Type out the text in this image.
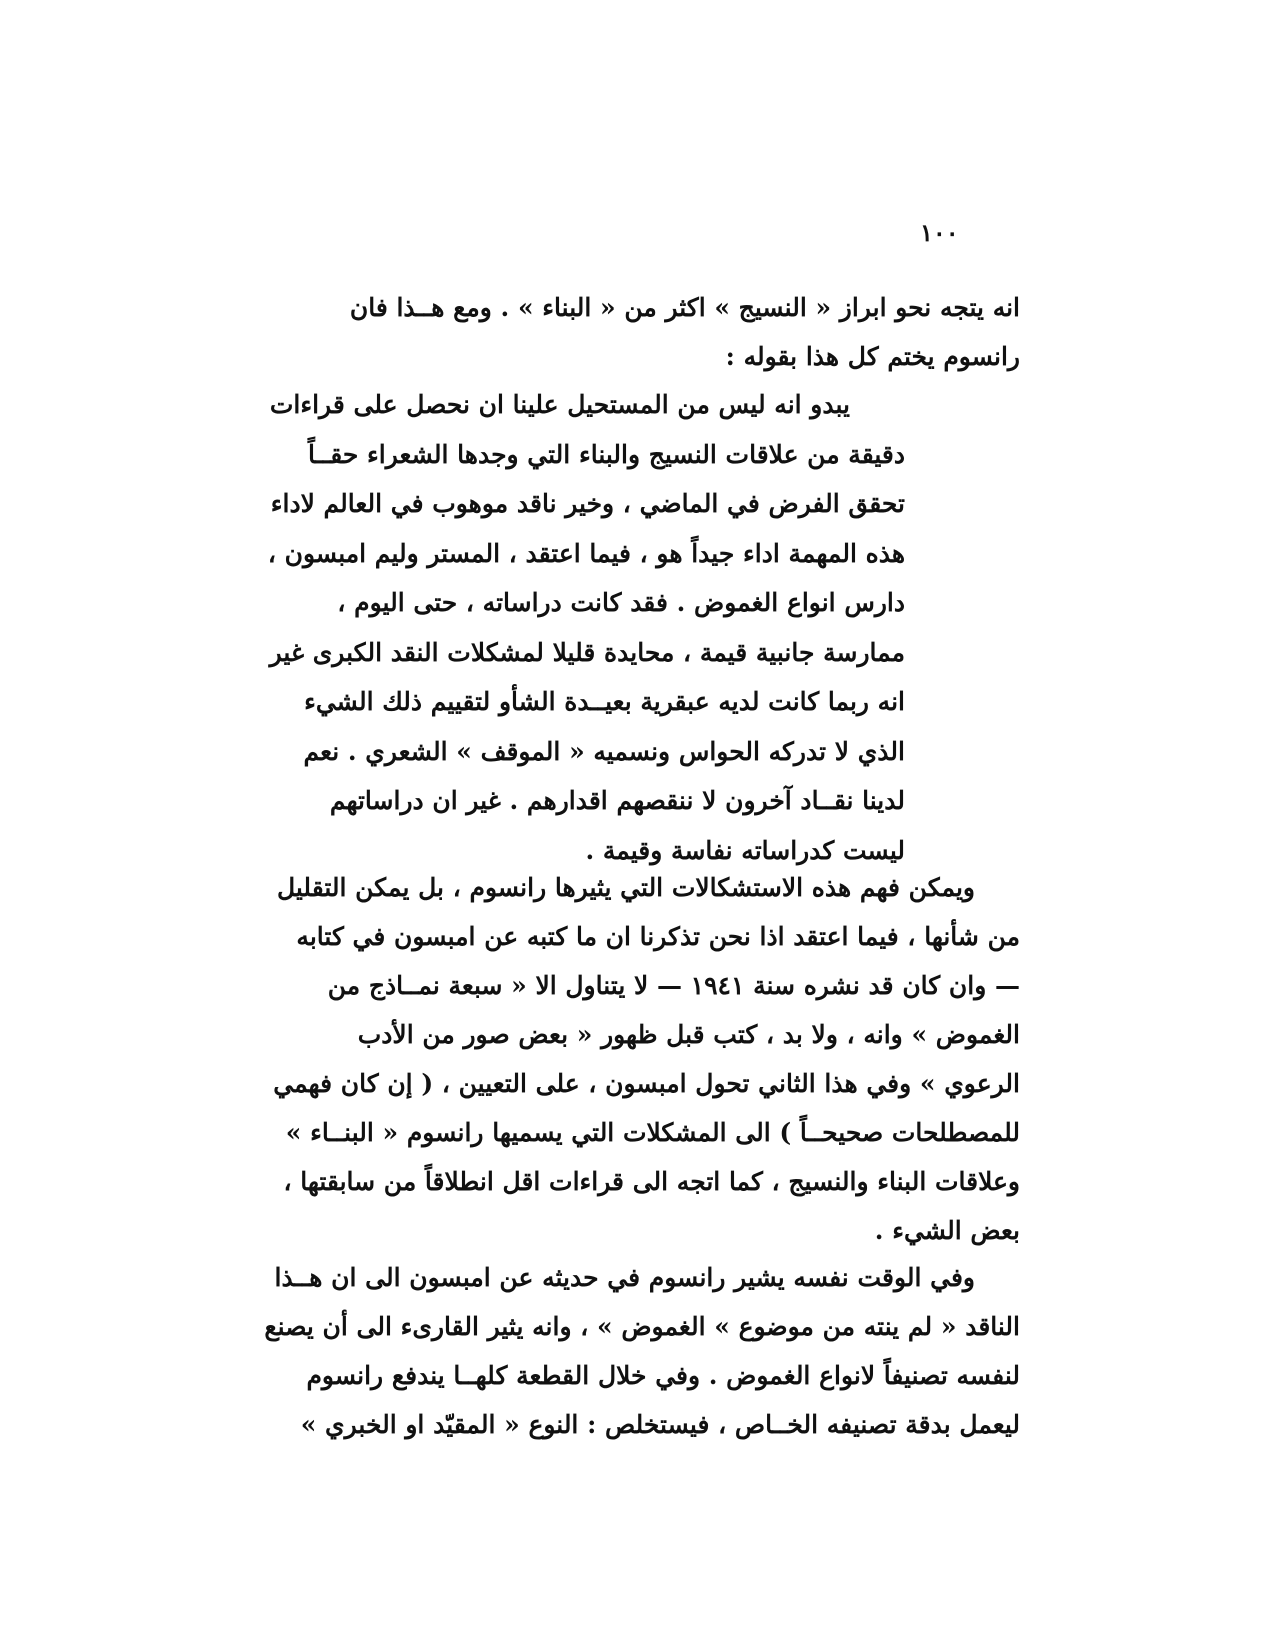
١٠٠
انه يتجه نحو ابراز « النسيج » اكثر من « البناء » . ومع هــذا فان
رانسوم يختم كل هذا بقوله :
يبدو انه ليس من المستحيل علينا ان نحصل على قراءات
دقيقة من علاقات النسيج والبناء التي وجدها الشعراء حقــاً
تحقق الفرض في الماضي ، وخير ناقد موهوب في العالم لاداء
هذه المهمة اداء جيداً هو ، فيما اعتقد ، المستر وليم امبسون ،
دارس انواع الغموض . فقد كانت دراساته ، حتى اليوم ،
ممارسة جانبية قيمة ، محايدة قليلا لمشكلات النقد الكبرى غير
انه ربما كانت لديه عبقرية بعيــدة الشأو لتقييم ذلك الشيء
الذي لا تدركه الحواس ونسميه « الموقف » الشعري . نعم
لدينا نقــاد آخرون لا ننقصهم اقدارهم . غير ان دراساتهم
ليست كدراساته نفاسة وقيمة .
ويمكن فهم هذه الاستشكالات التي يثيرها رانسوم ، بل يمكن التقليل
من شأنها ، فيما اعتقد اذا نحن تذكرنا ان ما كتبه عن امبسون في كتابه
— وان كان قد نشره سنة ١٩٤١ — لا يتناول الا « سبعة نمــاذج من
الغموض » وانه ، ولا بد ، كتب قبل ظهور « بعض صور من الأدب
الرعوي » وفي هذا الثاني تحول امبسون ، على التعيين ، ( إن كان فهمي
للمصطلحات صحيحــاً ) الى المشكلات التي يسميها رانسوم « البنــاء »
وعلاقات البناء والنسيج ، كما اتجه الى قراءات اقل انطلاقاً من سابقتها ،
بعض الشيء .
وفي الوقت نفسه يشير رانسوم في حديثه عن امبسون الى ان هــذا
الناقد « لم ينته من موضوع » الغموض » ، وانه يثير القارىء الى أن يصنع
لنفسه تصنيفاً لانواع الغموض . وفي خلال القطعة كلهــا يندفع رانسوم
ليعمل بدقة تصنيفه الخــاص ، فيستخلص : النوع « المقيّد او الخبري »
